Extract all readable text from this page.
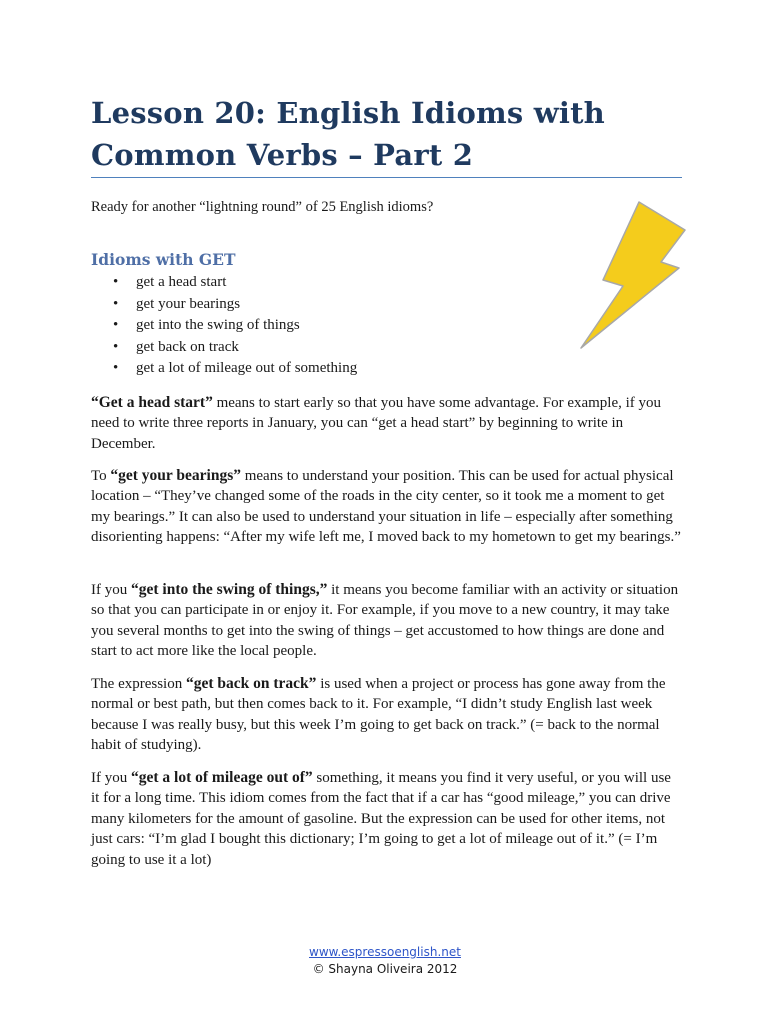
Lesson 20: English Idioms with Common Verbs – Part 2
Ready for another “lightning round” of 25 English idioms?
Idioms with GET
• get a head start
• get your bearings
• get into the swing of things
• get back on track
• get a lot of mileage out of something

“Get a head start” means to start early so that you have some advantage. For example, if you need to write three reports in January, you can “get a head start” by beginning to write in December.

To “get your bearings” means to understand your position. This can be used for actual physical location – “They’ve changed some of the roads in the city center, so it took me a moment to get my bearings.” It can also be used to understand your situation in life – especially after something disorienting happens: “After my wife left me, I moved back to my hometown to get my bearings.”

If you “get into the swing of things,” it means you become familiar with an activity or situation so that you can participate in or enjoy it. For example, if you move to a new country, it may take you several months to get into the swing of things – get accustomed to how things are done and start to act more like the local people.

The expression “get back on track” is used when a project or process has gone away from the normal or best path, but then comes back to it. For example, “I didn’t study English last week because I was really busy, but this week I’m going to get back on track.” (= back to the normal habit of studying).

If you “get a lot of mileage out of” something, it means you find it very useful, or you will use it for a long time. This idiom comes from the fact that if a car has “good mileage,” you can drive many kilometers for the amount of gasoline. But the expression can be used for other items, not just cars: “I’m glad I bought this dictionary; I’m going to get a lot of mileage out of it.” (= I’m going to use it a lot)

www.espressoenglish.net
© Shayna Oliveira 2012
